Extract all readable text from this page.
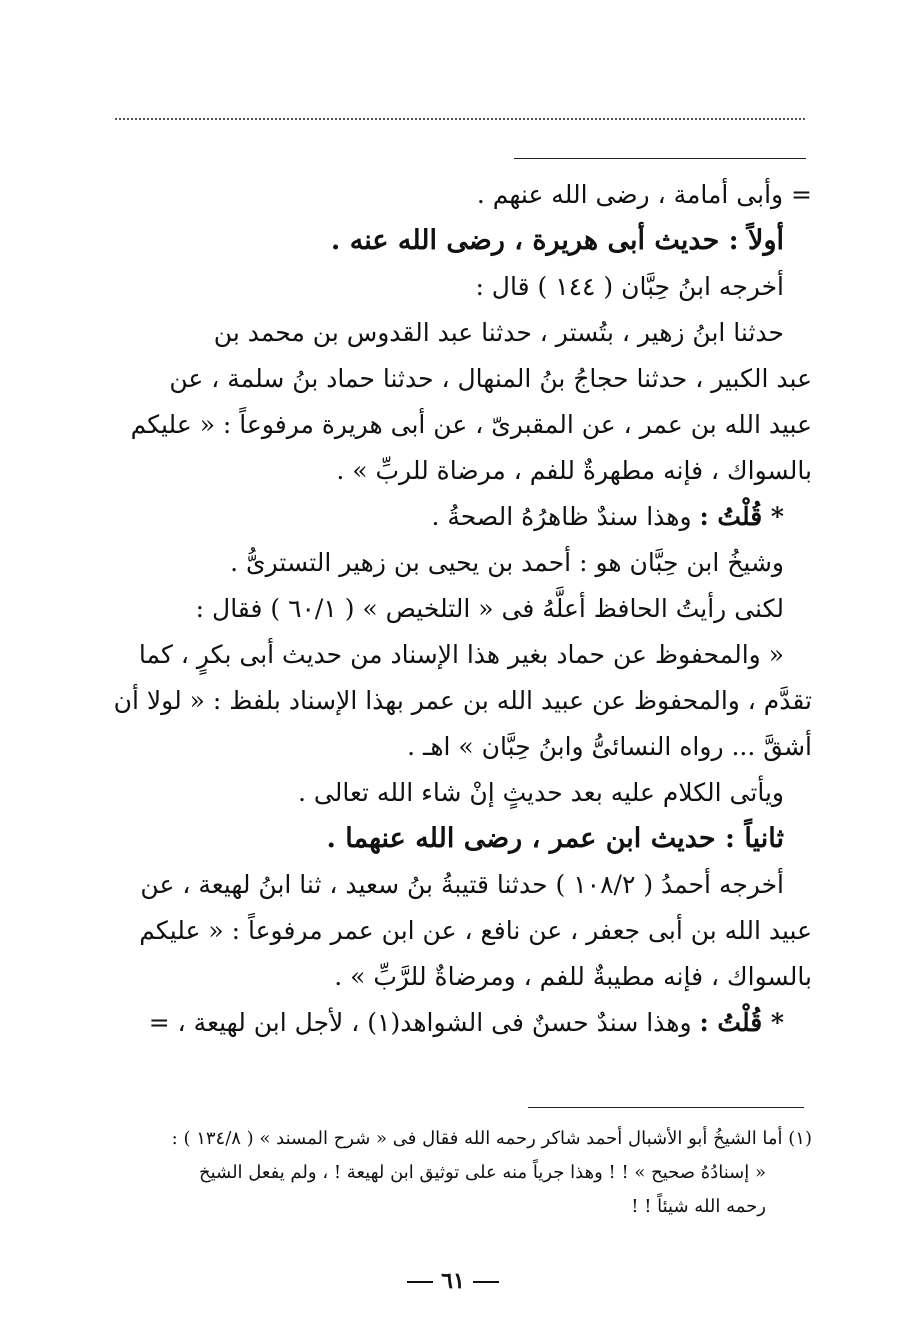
= وأبى أمامة ، رضى الله عنهم .
أولاً : حديث أبى هريرة ، رضى الله عنه .
أخرجه ابنُ حِبَّان ( ١٤٤ ) قال :
حدثنا ابنُ زهير ، بتُستر ، حدثنا عبد القدوس بن محمد بن
عبد الكبير ، حدثنا حجاجُ بنُ المنهال ، حدثنا حماد بنُ سلمة ، عن
عبيد الله بن عمر ، عن المقبرىّ ، عن أبى هريرة مرفوعاً : « عليكم
بالسواك ، فإنه مطهرةٌ للفم ، مرضاة للربِّ » .
* قُلْتُ : وهذا سندٌ ظاهرُهُ الصحةُ .
وشيخُ ابن حِبَّان هو : أحمد بن يحيى بن زهير التسترىُّ .
لكنى رأيتُ الحافظ أعلَّهُ فى « التلخيص » ( ٦٠/١ ) فقال :
« والمحفوظ عن حماد بغير هذا الإسناد من حديث أبى بكرٍ ، كما
تقدَّم ، والمحفوظ عن عبيد الله بن عمر بهذا الإسناد بلفظ : « لولا أن
أشقَّ ... رواه النسائىُّ وابنُ حِبَّان » اهـ .
ويأتى الكلام عليه بعد حديثٍ إنْ شاء الله تعالى .
ثانياً : حديث ابن عمر ، رضى الله عنهما .
أخرجه أحمدُ ( ١٠٨/٢ ) حدثنا قتيبةُ بنُ سعيد ، ثنا ابنُ لهيعة ، عن
عبيد الله بن أبى جعفر ، عن نافع ، عن ابن عمر مرفوعاً : « عليكم
بالسواك ، فإنه مطيبةٌ للفم ، ومرضاةٌ للرَّبِّ » .
* قُلْتُ : وهذا سندٌ حسنٌ فى الشواهد(١) ، لأجل ابن لهيعة ، =
(١) أما الشيخُ أبو الأشبال أحمد شاكر رحمه الله فقال فى « شرح المسند » ( ١٣٤/٨ ) :
« إسنادُهُ صحيح » ! ! وهذا جرياً منه على توثيق ابن لهيعة ! ، ولم يفعل الشيخ
رحمه الله شيئاً ! !
٦١
